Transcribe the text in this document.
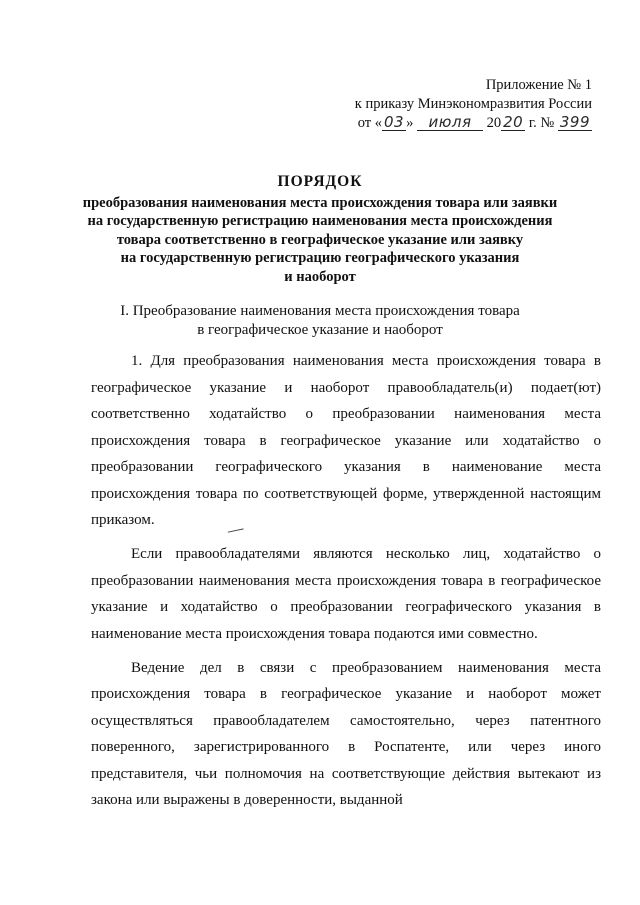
Приложение № 1
к приказу Минэкономразвития России
от « 03 » июля 20 20 г. № 399
ПОРЯДОК
преобразования наименования места происхождения товара или заявки
на государственную регистрацию наименования места происхождения
товара соответственно в географическое указание или заявку
на государственную регистрацию географического указания
и наоборот
I. Преобразование наименования места происхождения товара
в географическое указание и наоборот

1. Для преобразования наименования места происхождения товара в географическое указание и наоборот правообладатель(и) подает(ют) соответственно ходатайство о преобразовании наименования места происхождения товара в географическое указание или ходатайство о преобразовании географического указания в наименование места происхождения товара по соответствующей форме, утвержденной настоящим приказом.

Если правообладателями являются несколько лиц, ходатайство о преобразовании наименования места происхождения товара в географическое указание и ходатайство о преобразовании географического указания в наименование места происхождения товара подаются ими совместно.

Ведение дел в связи с преобразованием наименования места происхождения товара в географическое указание и наоборот может осуществляться правообладателем самостоятельно, через патентного поверенного, зарегистрированного в Роспатенте, или через иного представителя, чьи полномочия на соответствующие действия вытекают из закона или выражены в доверенности, выданной
